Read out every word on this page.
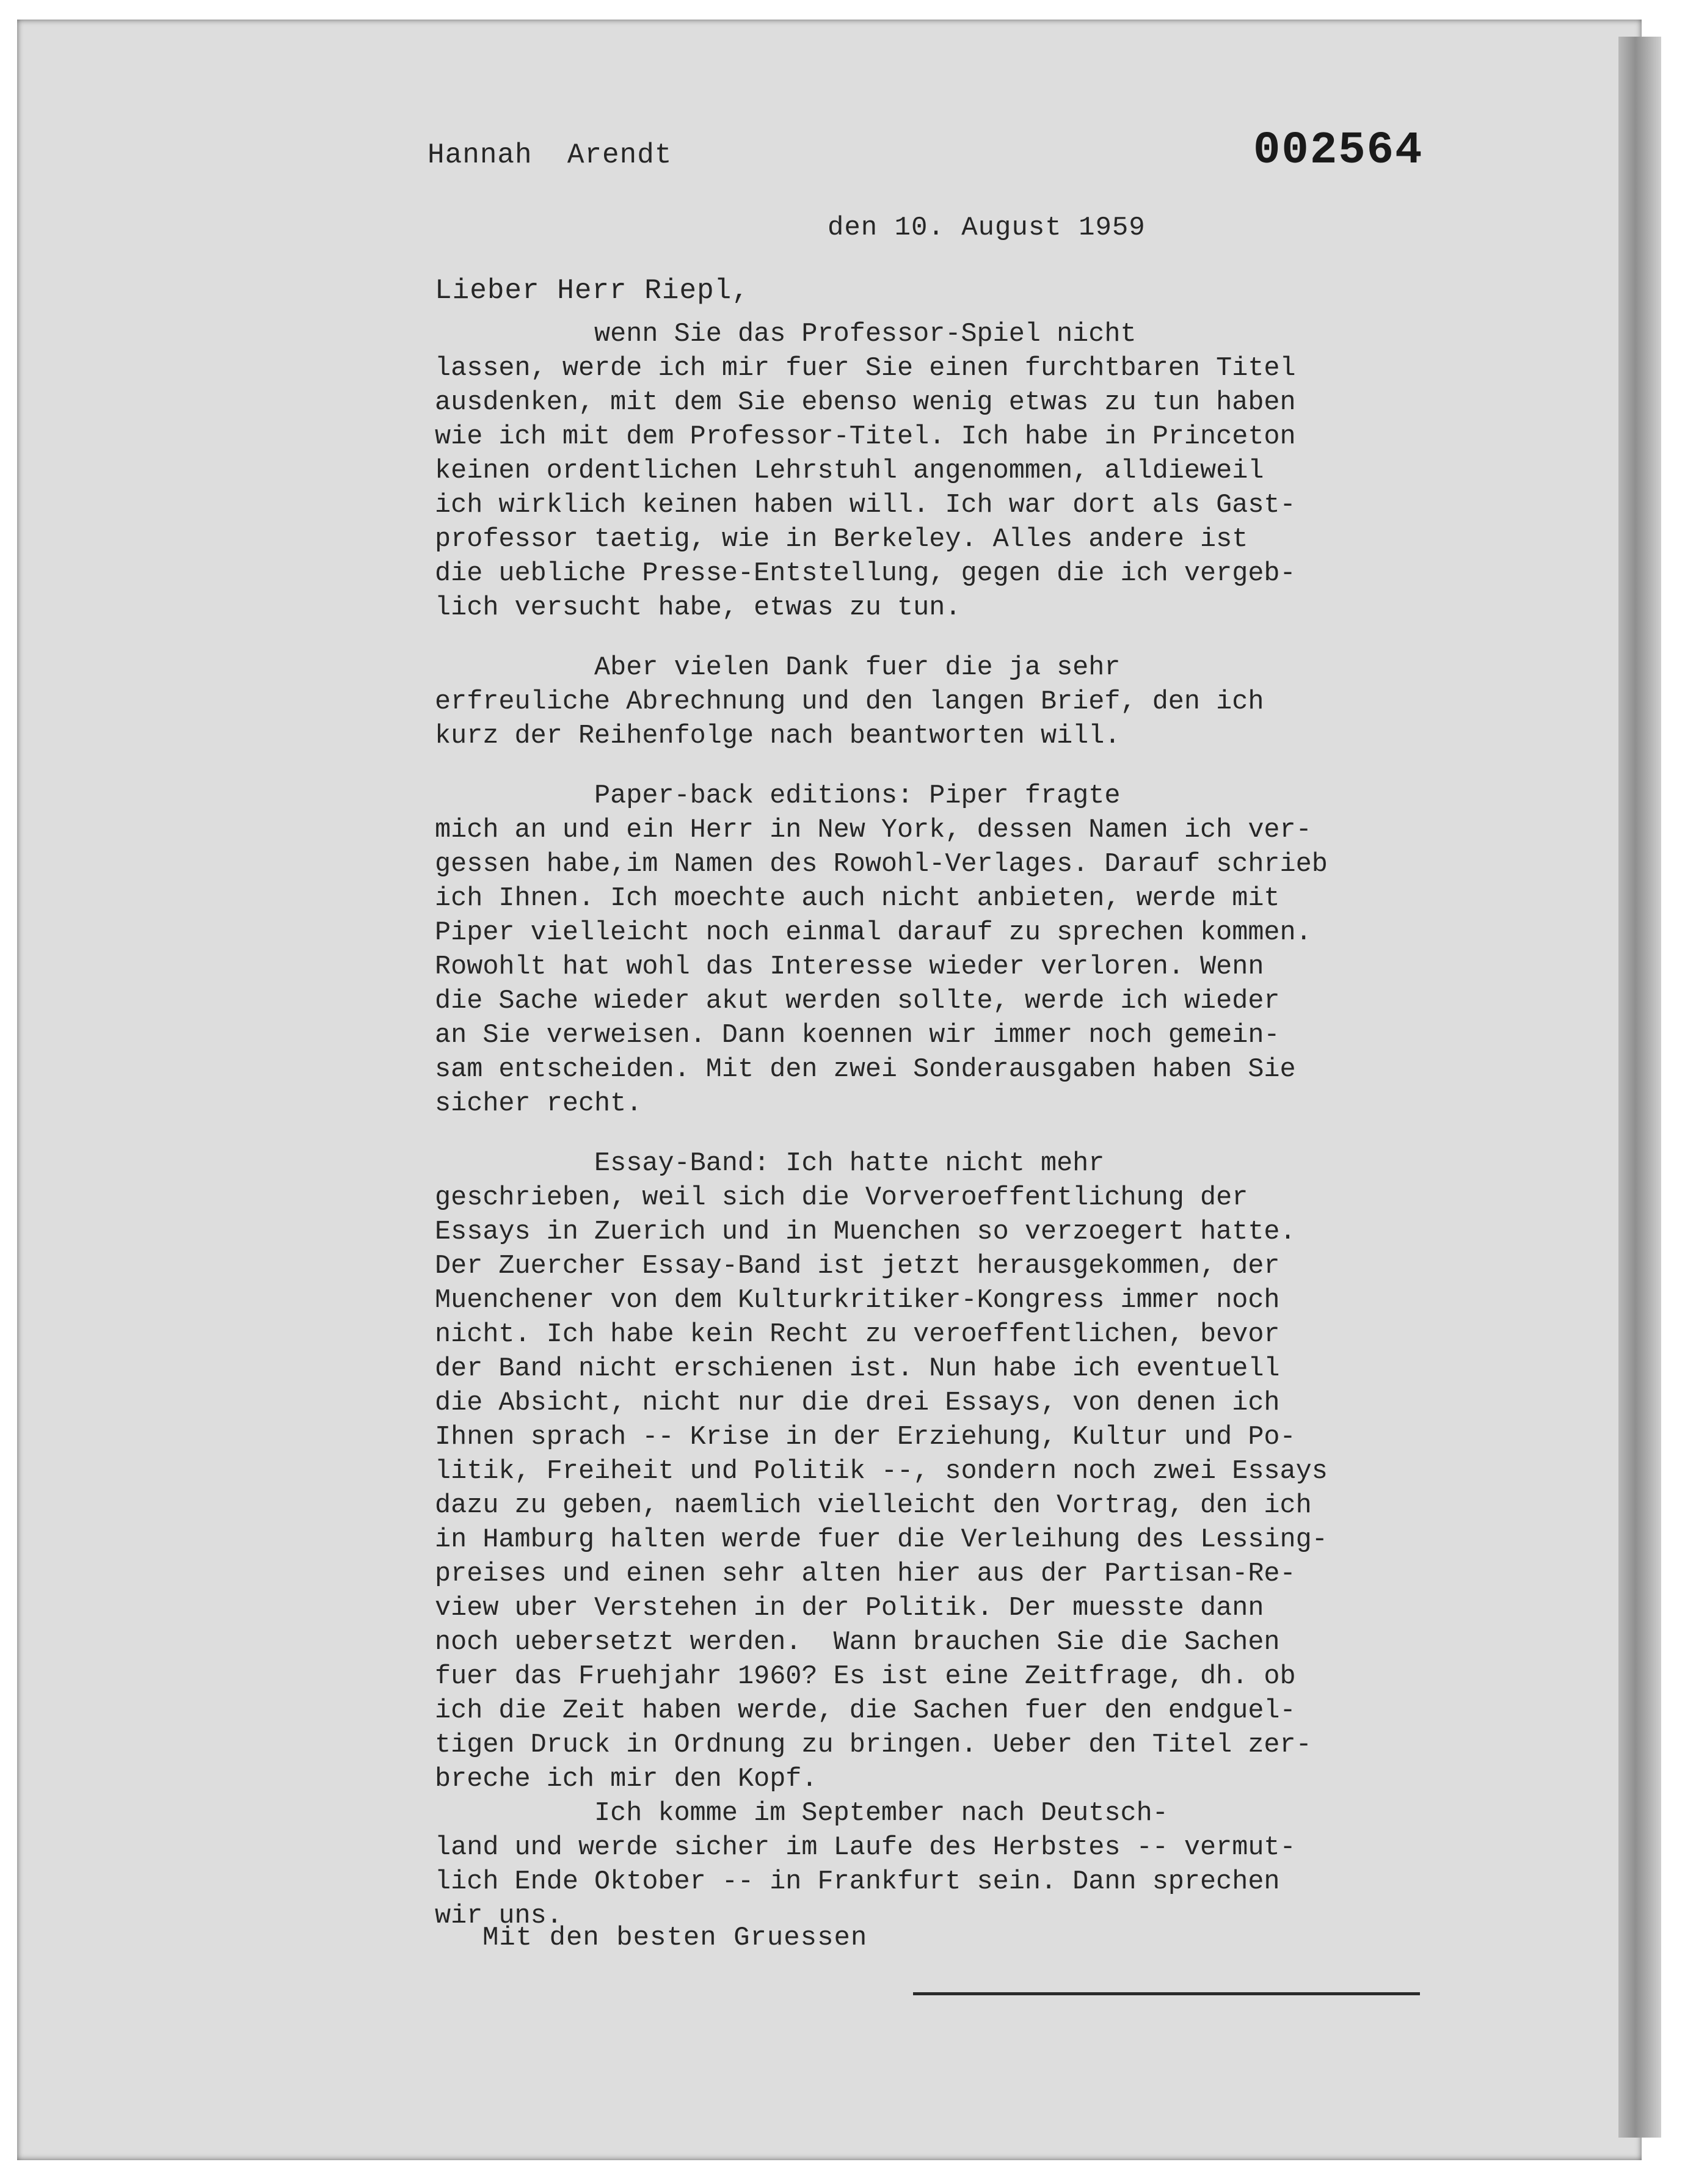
Hannah  Arendt	002564
den 10. August 1959
Lieber Herr Riepl,
wenn Sie das Professor-Spiel nicht
lassen, werde ich mir fuer Sie einen furchtbaren Titel
ausdenken, mit dem Sie ebenso wenig etwas zu tun haben
wie ich mit dem Professor-Titel. Ich habe in Princeton
keinen ordentlichen Lehrstuhl angenommen, alldieweil
ich wirklich keinen haben will. Ich war dort als Gast-
professor taetig, wie in Berkeley. Alles andere ist
die uebliche Presse-Entstellung, gegen die ich vergeb-
lich versucht habe, etwas zu tun.
Aber vielen Dank fuer die ja sehr
erfreuliche Abrechnung und den langen Brief, den ich
kurz der Reihenfolge nach beantworten will.
Paper-back editions: Piper fragte
mich an und ein Herr in New York, dessen Namen ich ver-
gessen habe,im Namen des Rowohl-Verlages. Darauf schrieb
ich Ihnen. Ich moechte auch nicht anbieten, werde mit
Piper vielleicht noch einmal darauf zu sprechen kommen.
Rowohlt hat wohl das Interesse wieder verloren. Wenn
die Sache wieder akut werden sollte, werde ich wieder
an Sie verweisen. Dann koennen wir immer noch gemein-
sam entscheiden. Mit den zwei Sonderausgaben haben Sie
sicher recht.
Essay-Band: Ich hatte nicht mehr
geschrieben, weil sich die Vorveroeffentlichung der
Essays in Zuerich und in Muenchen so verzoegert hatte.
Der Zuercher Essay-Band ist jetzt herausgekommen, der
Muenchener von dem Kulturkritiker-Kongress immer noch
nicht. Ich habe kein Recht zu veroeffentlichen, bevor
der Band nicht erschienen ist. Nun habe ich eventuell
die Absicht, nicht nur die drei Essays, von denen ich
Ihnen sprach -- Krise in der Erziehung, Kultur und Po-
litik, Freiheit und Politik --, sondern noch zwei Essays
dazu zu geben, naemlich vielleicht den Vortrag, den ich
in Hamburg halten werde fuer die Verleihung des Lessing-
preises und einen sehr alten hier aus der Partisan-Re-
view uber Verstehen in der Politik. Der muesste dann
noch uebersetzt werden.  Wann brauchen Sie die Sachen
fuer das Fruehjahr 1960? Es ist eine Zeitfrage, dh. ob
ich die Zeit haben werde, die Sachen fuer den endguel-
tigen Druck in Ordnung zu bringen. Ueber den Titel zer-
breche ich mir den Kopf.
Ich komme im September nach Deutsch-
land und werde sicher im Laufe des Herbstes -- vermut-
lich Ende Oktober -- in Frankfurt sein. Dann sprechen
wir uns.
Mit den besten Gruessen
